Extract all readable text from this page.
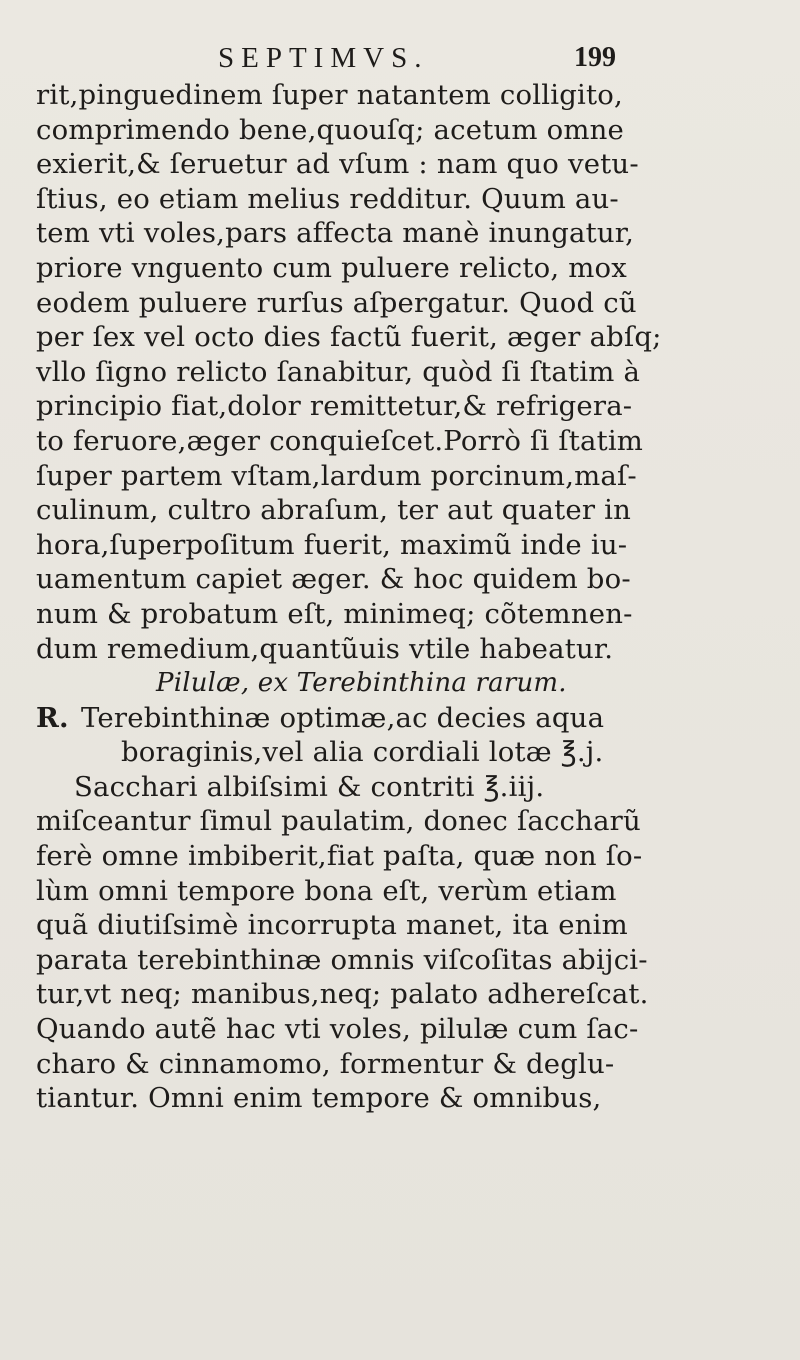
SEPTIMVS.	199
rit,pinguedinem ſuper natantem colligito,
comprimendo bene,quouſq; acetum omne
exierit,& ſeruetur ad vſum : nam quo vetu-
ſtius, eo etiam melius redditur. Quum au-
tem vti voles,pars affecta manè inungatur,
priore vnguento cum puluere relicto, mox
eodem puluere rurſus aſpergatur. Quod cũ
per ſex vel octo dies factũ fuerit, æger abſq;
vllo ſigno relicto ſanabitur, quòd ſi ſtatim à
principio fiat,dolor remittetur,& refrigera-
to feruore,æger conquieſcet.Porrò ſi ſtatim
ſuper partem vſtam,lardum porcinum,maſ-
culinum, cultro abraſum, ter aut quater in
hora,ſuperpoſitum fuerit, maximũ inde iu-
uamentum capiet æger. & hoc quidem bo-
num & probatum eſt, minimeq; cõtemnen-
dum remedium,quantũuis vtile habeatur.
Pilulæ, ex Terebinthina rarum.
R. Terebinthinæ optimæ,ac decies aqua
boraginis,vel alia cordiali lotæ ℥.j.
Sacchari albiſsimi & contriti ℥.iij.
miſceantur ſimul paulatim, donec ſaccharũ
ferè omne imbiberit,fiat paſta, quæ non ſo-
lùm omni tempore bona eſt, verùm etiam
quã diutiſsimè incorrupta manet, ita enim
parata terebinthinæ omnis viſcoſitas abijci-
tur,vt neq; manibus,neq; palato adhereſcat.
Quando autẽ hac vti voles, pilulæ cum ſac-
charo & cinnamomo, formentur & deglu-
tiantur. Omni enim tempore & omnibus,
